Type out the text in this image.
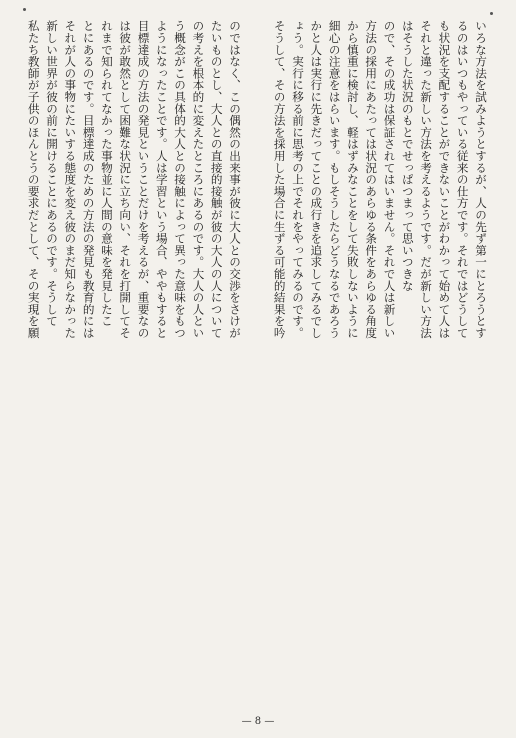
いろな方法を試みようとするが、人の先ず第一にとろうとす
るのはいつもやっている従来の仕方です。それではどうして
も状況を支配することができないことがわかって始めて人は
それと違った新しい方法を考えるようです。だが新しい方法
はそうした状況のもとでせっぱつまって思いつきな
ので、その成功は保証されてはいません。それで人は新しい
方法の採用にあたっては状況のあらゆる条件をあらゆる角度
から慎重に検討し、軽はずみなことをして失敗しないように
細心の注意をはらいます。もしそうしたらどうなるであろう
かと人は実行に先きだってことの成行きを追求してみるでし
ょう。実行に移る前に思考の上でそれをやってみるのです。
そうして、その方法を採用した場合に生ずる可能的結果を吟
のではなく、この偶然の出来事が彼に大人との交渉をさけが
たいものとし、大人との直接的接触が彼の大人の人について
の考えを根本的に変えたところにあるのです。大人の人とい
う概念がこの具体的大人との接触によって異った意味をもつ
ようになったことです。人は学習という場合、ややもすると
目標達成の方法の発見ということだけを考えるが、重要なの
は彼が敢然として困難な状況に立ち向い、それを打開してそ
れまで知られてなかった事物並に人間の意味を発見したこ
とにあるのです。目標達成のための方法の発見も教育的には
それが人の事物にたいする態度を変え彼のまだ知らなかった
新しい世界が彼の前に開けることにあるのです。そうして
私たち教師が子供のほんとうの要求だとして、その実現を願
— 8 —
